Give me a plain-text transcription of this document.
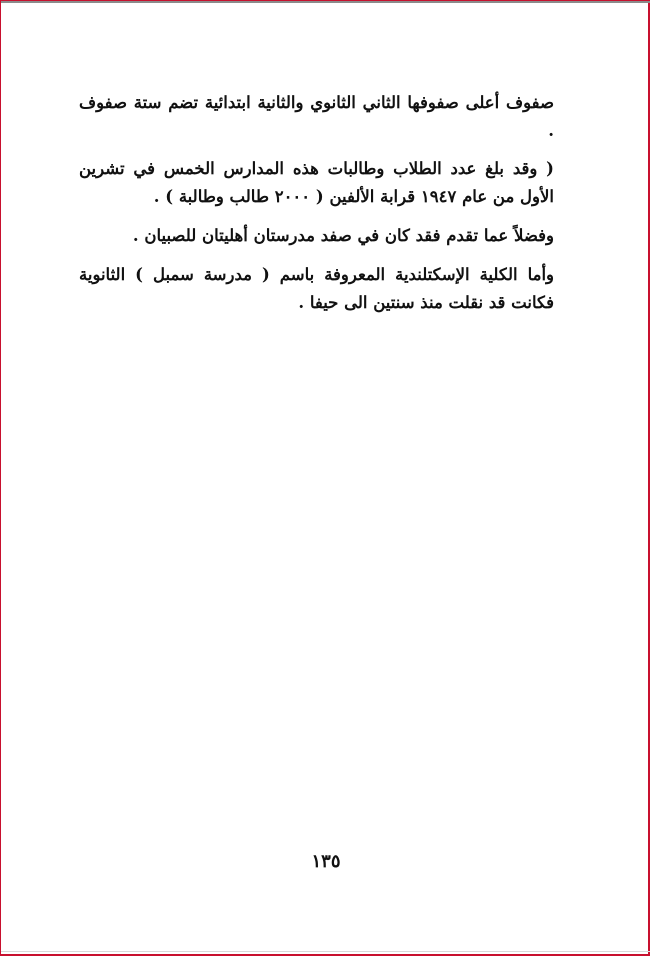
صفوف أعلى صفوفها الثاني الثانوي والثانية ابتدائية تضم ستة صفوف .

( وقد بلغ عدد الطلاب وطالبات هذه المدارس الخمس في تشرين الأول من عام ١٩٤٧ قرابة الألفين ( ٢٠٠٠ طالب وطالبة ) .

وفضلاً عما تقدم فقد كان في صفد مدرستان أهليتان للصبيان .

وأما الكلية الإسكتلندية المعروفة باسم ( مدرسة سمبل ) الثانوية فكانت قد نقلت منذ سنتين الى حيفا .

١٣٥
